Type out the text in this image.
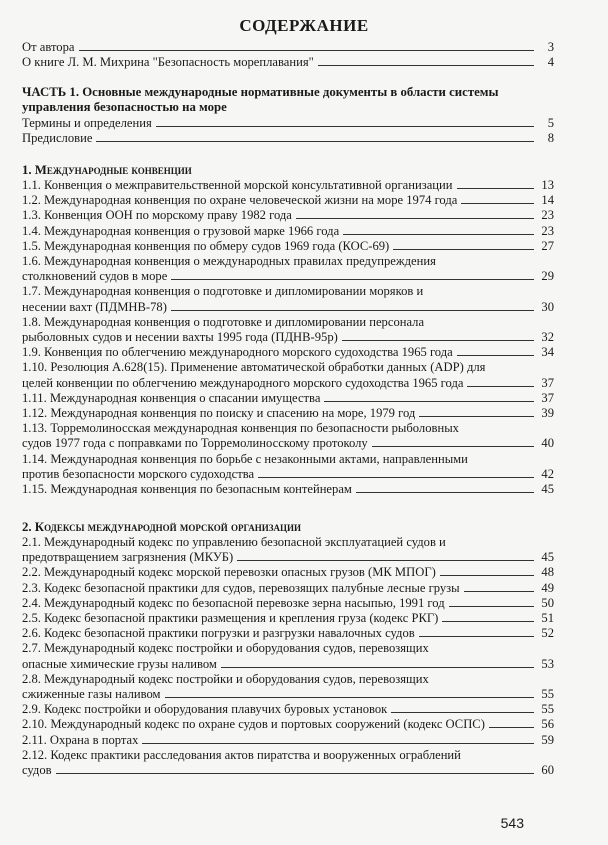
СОДЕРЖАНИЕ
От автора	3
О книге Л. М. Михрина "Безопасность мореплавания"	4
ЧАСТЬ 1. Основные международные нормативные документы в области системы
управления безопасностью на море
Термины и определения	5
Предисловие	8
1. Международные конвенции
1.1. Конвенция о межправительственной морской консультативной организации	13
1.2. Международная конвенция по охране человеческой жизни на море 1974 года	14
1.3. Конвенция ООН по морскому праву 1982 года	23
1.4. Международная конвенция о грузовой марке 1966 года	23
1.5. Международная конвенция по обмеру судов 1969 года (КОС-69)	27
1.6. Международная конвенция о международных правилах предупреждения
столкновений судов в море	29
1.7. Международная конвенция о подготовке и дипломировании моряков и
несении вахт (ПДМНВ-78)	30
1.8. Международная конвенция о подготовке и дипломировании персонала
рыболовных судов и несении вахты 1995 года (ПДНВ-95р)	32
1.9. Конвенция по облегчению международного морского судоходства 1965 года	34
1.10. Резолюция А.628(15). Применение автоматической обработки данных (ADP) для
целей конвенции по облегчению международного морского судоходства 1965 года	37
1.11. Международная конвенция о спасании имущества	37
1.12. Международная конвенция по поиску и спасению на море, 1979 год	39
1.13. Торремолиносская международная конвенция по безопасности рыболовных
судов 1977 года с поправками по Торремолиносскому протоколу	40
1.14. Международная конвенция по борьбе с незаконными актами, направленными
против безопасности морского судоходства	42
1.15. Международная конвенция по безопасным контейнерам	45
2. Кодексы международной морской организации
2.1. Международный кодекс по управлению безопасной эксплуатацией судов и
предотвращением загрязнения (МКУБ)	45
2.2. Международный кодекс морской перевозки опасных грузов (МК МПОГ)	48
2.3. Кодекс безопасной практики для судов, перевозящих палубные лесные грузы	49
2.4. Международный кодекс по безопасной перевозке зерна насыпью, 1991 год	50
2.5. Кодекс безопасной практики размещения и крепления груза (кодекс РКГ)	51
2.6. Кодекс безопасной практики погрузки и разгрузки навалочных судов	52
2.7. Международный кодекс постройки и оборудования судов, перевозящих
опасные химические грузы наливом	53
2.8. Международный кодекс постройки и оборудования судов, перевозящих
сжиженные газы наливом	55
2.9. Кодекс постройки и оборудования плавучих буровых установок	55
2.10. Международный кодекс по охране судов и портовых сооружений (кодекс ОСПС)	56
2.11. Охрана в портах	59
2.12. Кодекс практики расследования актов пиратства и вооруженных ограблений
судов	60
543
